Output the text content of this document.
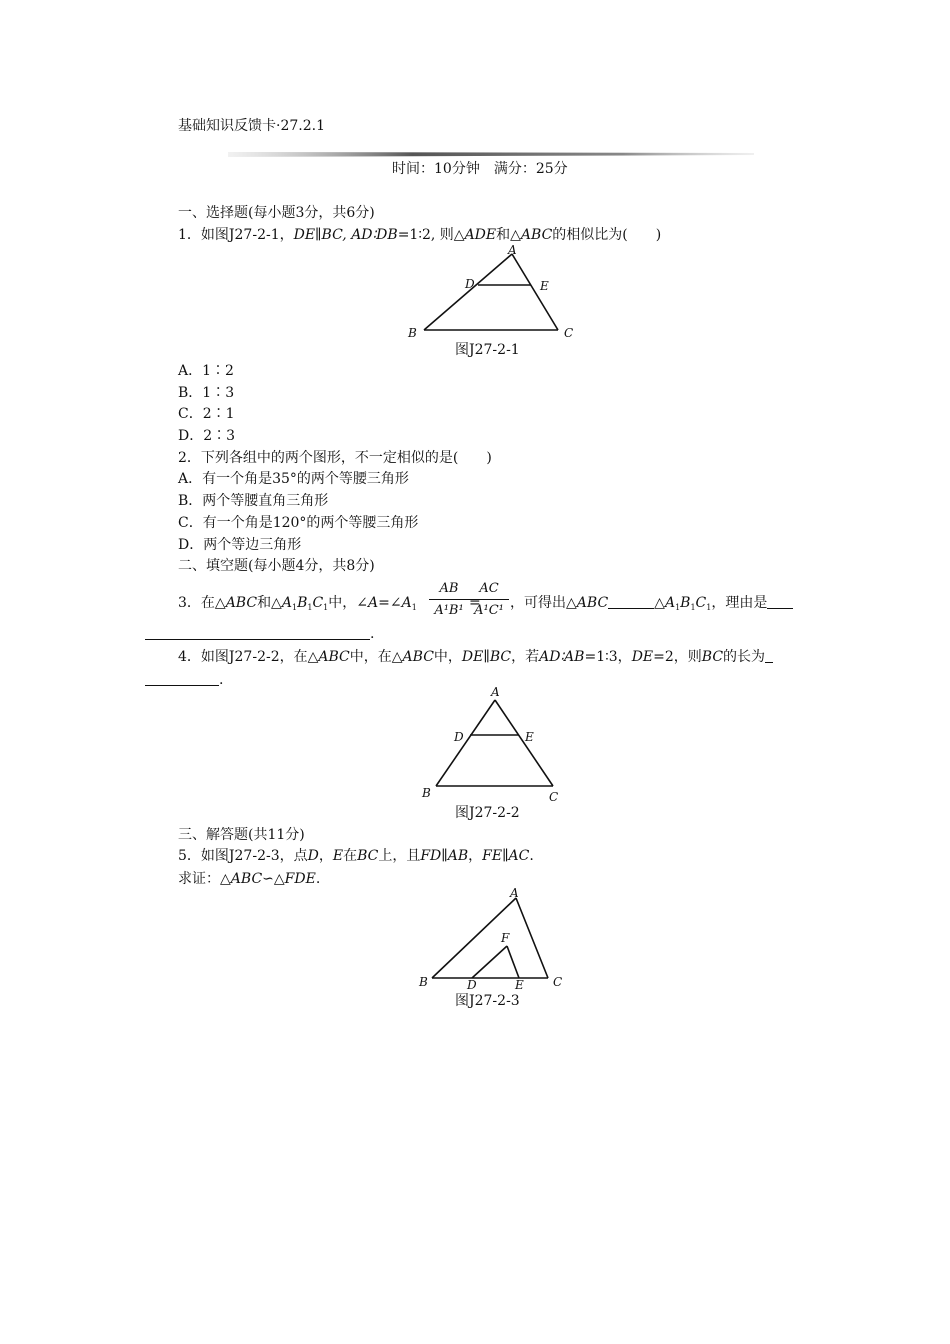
基础知识反馈卡·27.2.1
时间：10分钟　满分：25分
一、选择题(每小题3分，共6分)
1．如图J27-2-1，DE∥BC, AD∶DB=1∶2, 则△ADE和△ABC的相似比为(　　)
A
D	E
B	C
图J27-2-1
A．1∶2
B．1∶3
C．2∶1
D．2∶3
2．下列各组中的两个图形，不一定相似的是(　　)
A．有一个角是35°的两个等腰三角形
B．两个等腰直角三角形
C．有一个角是120°的两个等腰三角形
D．两个等边三角形
二、填空题(每小题4分，共8分)
3．在△ABC和$\triangle A_1B_1C_1$中，$\angle A=\angle A_1$
AB
A¹B¹ =
AC
A¹C¹ ，可得出△ABC	$\triangle A_1B_1C_1$，理由是
.
4．如图J27-2-2，在△ABC中，在△ABC中，DE∥BC，若AD∶AB=1∶3，DE=2，则BC的长为
.
A
D	E
B	C
图J27-2-2
三、解答题(共11分)
5．如图J27-2-3，点D，E在BC上，且FD∥AB，FE∥AC.
求证：△ABC∽△FDE.
A
F
B	D	E C
图J27-2-3
